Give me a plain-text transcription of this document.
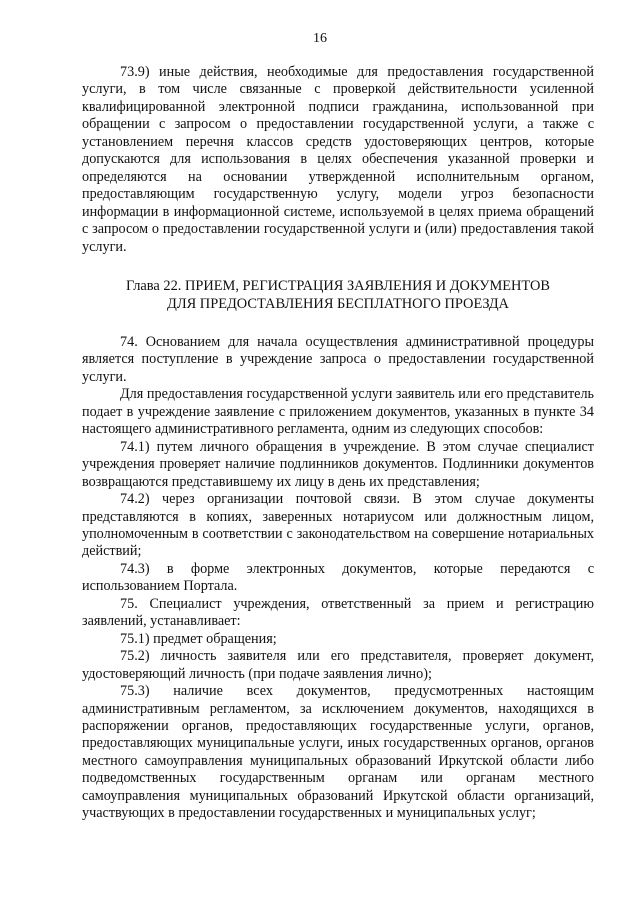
16

73.9) иные действия, необходимые для предоставления государственной услуги, в том числе связанные с проверкой действительности усиленной квалифицированной электронной подписи гражданина, использованной при обращении с запросом о предоставлении государственной услуги, а также с установлением перечня классов средств удостоверяющих центров, которые допускаются для использования в целях обеспечения указанной проверки и определяются на основании утвержденной исполнительным органом, предоставляющим государственную услугу, модели угроз безопасности информации в информационной системе, используемой в целях приема обращений с запросом о предоставлении государственной услуги и (или) предоставления такой услуги.

Глава 22. ПРИЕМ, РЕГИСТРАЦИЯ ЗАЯВЛЕНИЯ И ДОКУМЕНТОВ
ДЛЯ ПРЕДОСТАВЛЕНИЯ БЕСПЛАТНОГО ПРОЕЗДА

74. Основанием для начала осуществления административной процедуры является поступление в учреждение запроса о предоставлении государственной услуги.

Для предоставления государственной услуги заявитель или его представитель подает в учреждение заявление с приложением документов, указанных в пункте 34 настоящего административного регламента, одним из следующих способов:

74.1) путем личного обращения в учреждение. В этом случае специалист учреждения проверяет наличие подлинников документов. Подлинники документов возвращаются представившему их лицу в день их представления;

74.2) через организации почтовой связи. В этом случае документы представляются в копиях, заверенных нотариусом или должностным лицом, уполномоченным в соответствии с законодательством на совершение нотариальных действий;

74.3) в форме электронных документов, которые передаются с использованием Портала.

75. Специалист учреждения, ответственный за прием и регистрацию заявлений, устанавливает:

75.1) предмет обращения;

75.2) личность заявителя или его представителя, проверяет документ, удостоверяющий личность (при подаче заявления лично);

75.3) наличие всех документов, предусмотренных настоящим административным регламентом, за исключением документов, находящихся в распоряжении органов, предоставляющих государственные услуги, органов, предоставляющих муниципальные услуги, иных государственных органов, органов местного самоуправления муниципальных образований Иркутской области либо подведомственных государственным органам или органам местного самоуправления муниципальных образований Иркутской области организаций, участвующих в предоставлении государственных и муниципальных услуг;
